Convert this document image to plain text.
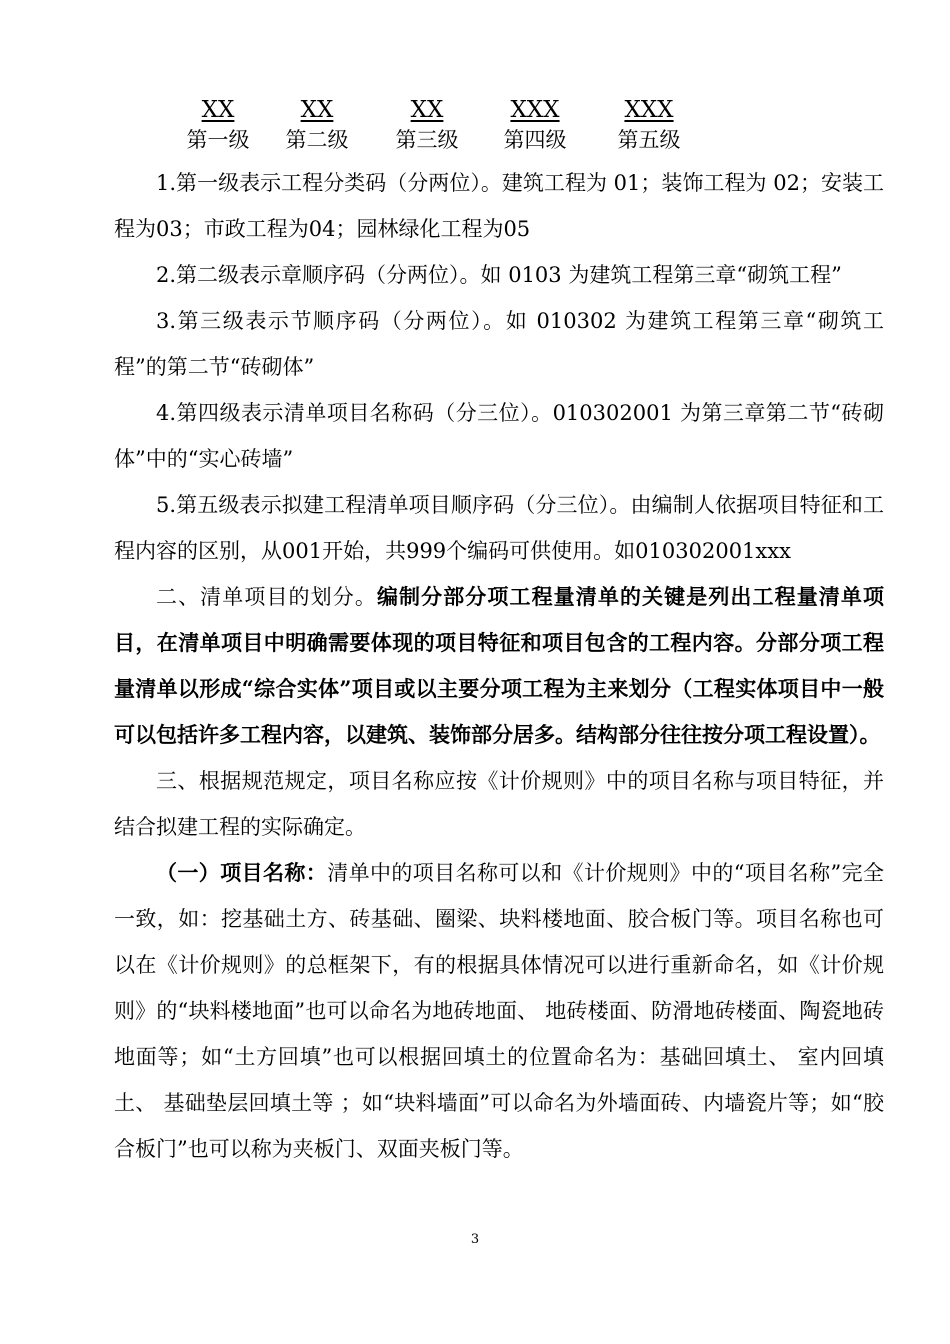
XX
第一级
XX
第二级
XX
第三级
XXX
第四级
XXX
第五级

1.第一级表示工程分类码（分两位）。建筑工程为 01；装饰工程为 02；安装工程为03；市政工程为04；园林绿化工程为05

2.第二级表示章顺序码（分两位）。如 0103 为建筑工程第三章“砌筑工程”

3.第三级表示节顺序码（分两位）。如 010302 为建筑工程第三章“砌筑工程”的第二节“砖砌体”

4.第四级表示清单项目名称码（分三位）。010302001 为第三章第二节“砖砌体”中的“实心砖墙”

5.第五级表示拟建工程清单项目顺序码（分三位）。由编制人依据项目特征和工程内容的区别，从001开始，共999个编码可供使用。如010302001xxx

二、清单项目的划分。编制分部分项工程量清单的关键是列出工程量清单项目，在清单项目中明确需要体现的项目特征和项目包含的工程内容。分部分项工程量清单以形成“综合实体”项目或以主要分项工程为主来划分（工程实体项目中一般可以包括许多工程内容，以建筑、装饰部分居多。结构部分往往按分项工程设置）。

三、根据规范规定，项目名称应按《计价规则》中的项目名称与项目特征，并结合拟建工程的实际确定。

（一）项目名称：清单中的项目名称可以和《计价规则》中的“项目名称”完全一致，如：挖基础土方、砖基础、圈梁、块料楼地面、胶合板门等。项目名称也可以在《计价规则》的总框架下，有的根据具体情况可以进行重新命名，如《计价规则》的“块料楼地面”也可以命名为地砖地面、 地砖楼面、防滑地砖楼面、陶瓷地砖地面等；如“土方回填”也可以根据回填土的位置命名为：基础回填土、 室内回填土、 基础垫层回填土等 ；如“块料墙面”可以命名为外墙面砖、内墙瓷片等；如“胶合板门”也可以称为夹板门、双面夹板门等。

3
